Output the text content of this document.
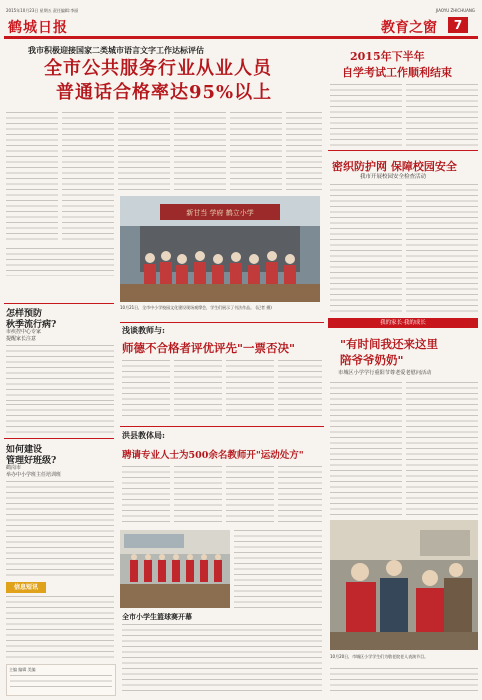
2015年10月23日 星期五 责任编辑:李丽
鹤城日报
JIAOYU ZHICHUANG
教育之窗	7
我市积极迎接国家二类城市语言文字工作达标评估
全市公共服务行业从业人员
普通话合格率达95%以上
新甘当 学府 鹤立小学
怎样预防
秋季流行病?
市疾控中心专家
提醒家长注意
如何建设
管理好班级?
鹤岗市
举办中小学班主任培训班
信息短讯
主编 编辑 美编
10月21日，全市中小学校园文化建设现场观摩会，学生们展示了书法作品。 (记者 摄)
浅谈教师与:
师德不合格者评优评先"一票否决"
洪县教体局:
聘请专业人士为500余名教师开"运动处方"
全市小学生篮球赛开幕
2015年下半年
自学考试工作顺利结束
密织防护网 保障校园安全
我市开展校园安全检查活动
我的家长·我的成长
"有时间我还来这里
陪爷爷奶奶"
市城区小学学行重阳节尊老爱老慰问活动
10月20日，市城区小学学生们为敬老院老人表演节目。
